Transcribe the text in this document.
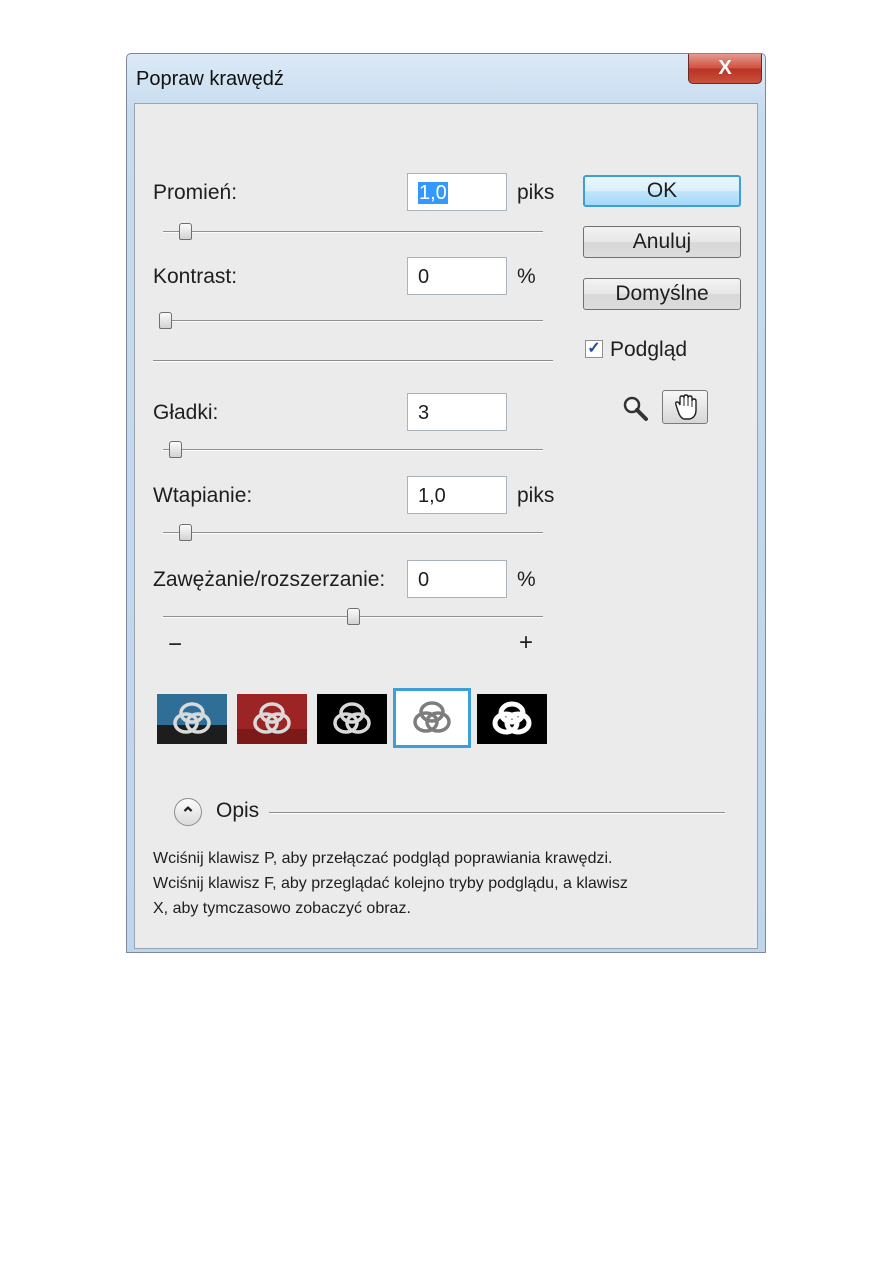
Popraw krawędź	X
Promień:	1,0	piks
Kontrast:	0	%
Gładki:	3
Wtapianie:	1,0	piks
Zawężanie/rozszerzanie:	0	%
−	+
OK
Anuluj
Domyślne
✓ Podgląd
⌃ Opis
Wciśnij klawisz P, aby przełączać podgląd poprawiania krawędzi.
Wciśnij klawisz F, aby przeglądać kolejno tryby podglądu, a klawisz
X, aby tymczasowo zobaczyć obraz.
